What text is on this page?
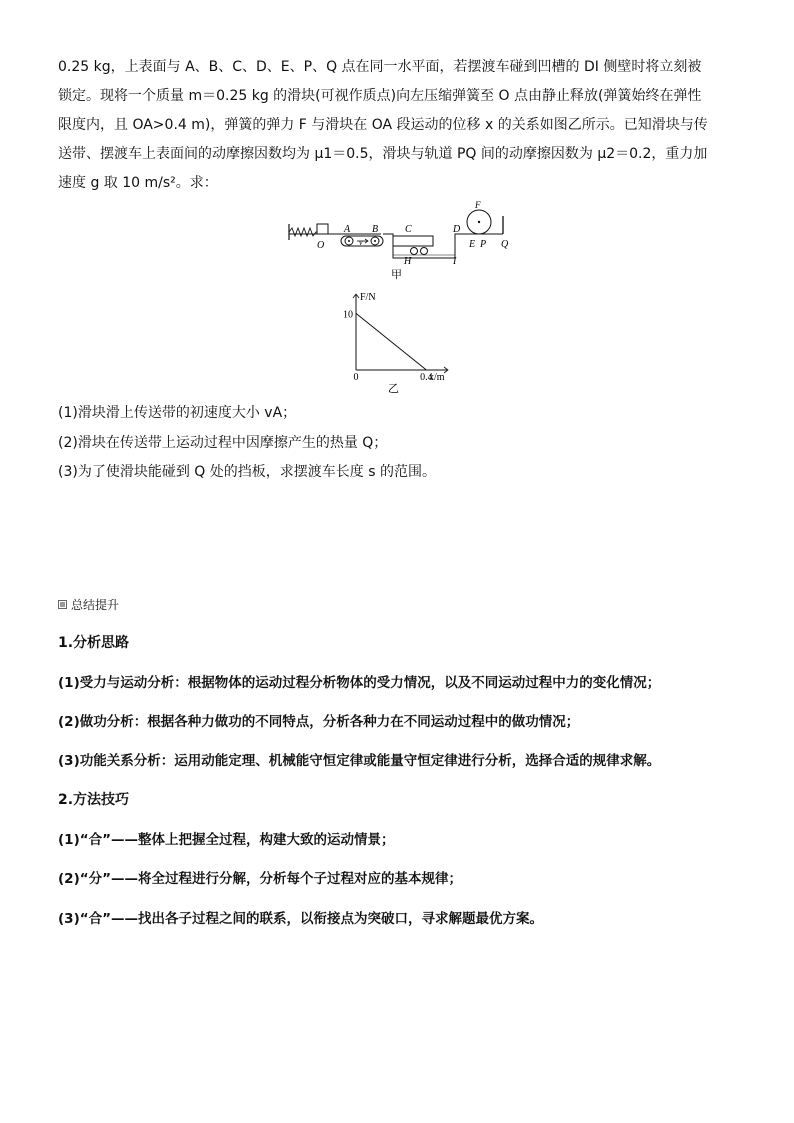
0.25 kg，上表面与 A、B、C、D、E、P、Q 点在同一水平面，若摆渡车碰到凹槽的 DI 侧壁时将立刻被
锁定。现将一个质量 m＝0.25 kg 的滑块(可视作质点)向左压缩弹簧至 O 点由静止释放(弹簧始终在弹性
限度内，且 OA>0.4 m)，弹簧的弹力 F 与滑块在 OA 段运动的位移 x 的关系如图乙所示。已知滑块与传
送带、摆渡车上表面间的动摩擦因数均为 μ1＝0.5，滑块与轨道 PQ 间的动摩擦因数为 μ2＝0.2，重力加
速度 g 取 10 m/s²。求：
O
A B	C	D
F
v
H	I
E P Q
甲
F/N
x/m
10
0	0.4
乙
(1)滑块滑上传送带的初速度大小 vA；
(2)滑块在传送带上运动过程中因摩擦产生的热量 Q；
(3)为了使滑块能碰到 Q 处的挡板，求摆渡车长度 s 的范围。
总结提升
1.分析思路
(1)受力与运动分析：根据物体的运动过程分析物体的受力情况，以及不同运动过程中力的变化情况；
(2)做功分析：根据各种力做功的不同特点，分析各种力在不同运动过程中的做功情况；
(3)功能关系分析：运用动能定理、机械能守恒定律或能量守恒定律进行分析，选择合适的规律求解。
2.方法技巧
(1)“合”——整体上把握全过程，构建大致的运动情景；
(2)“分”——将全过程进行分解，分析每个子过程对应的基本规律；
(3)“合”——找出各子过程之间的联系，以衔接点为突破口，寻求解题最优方案。
